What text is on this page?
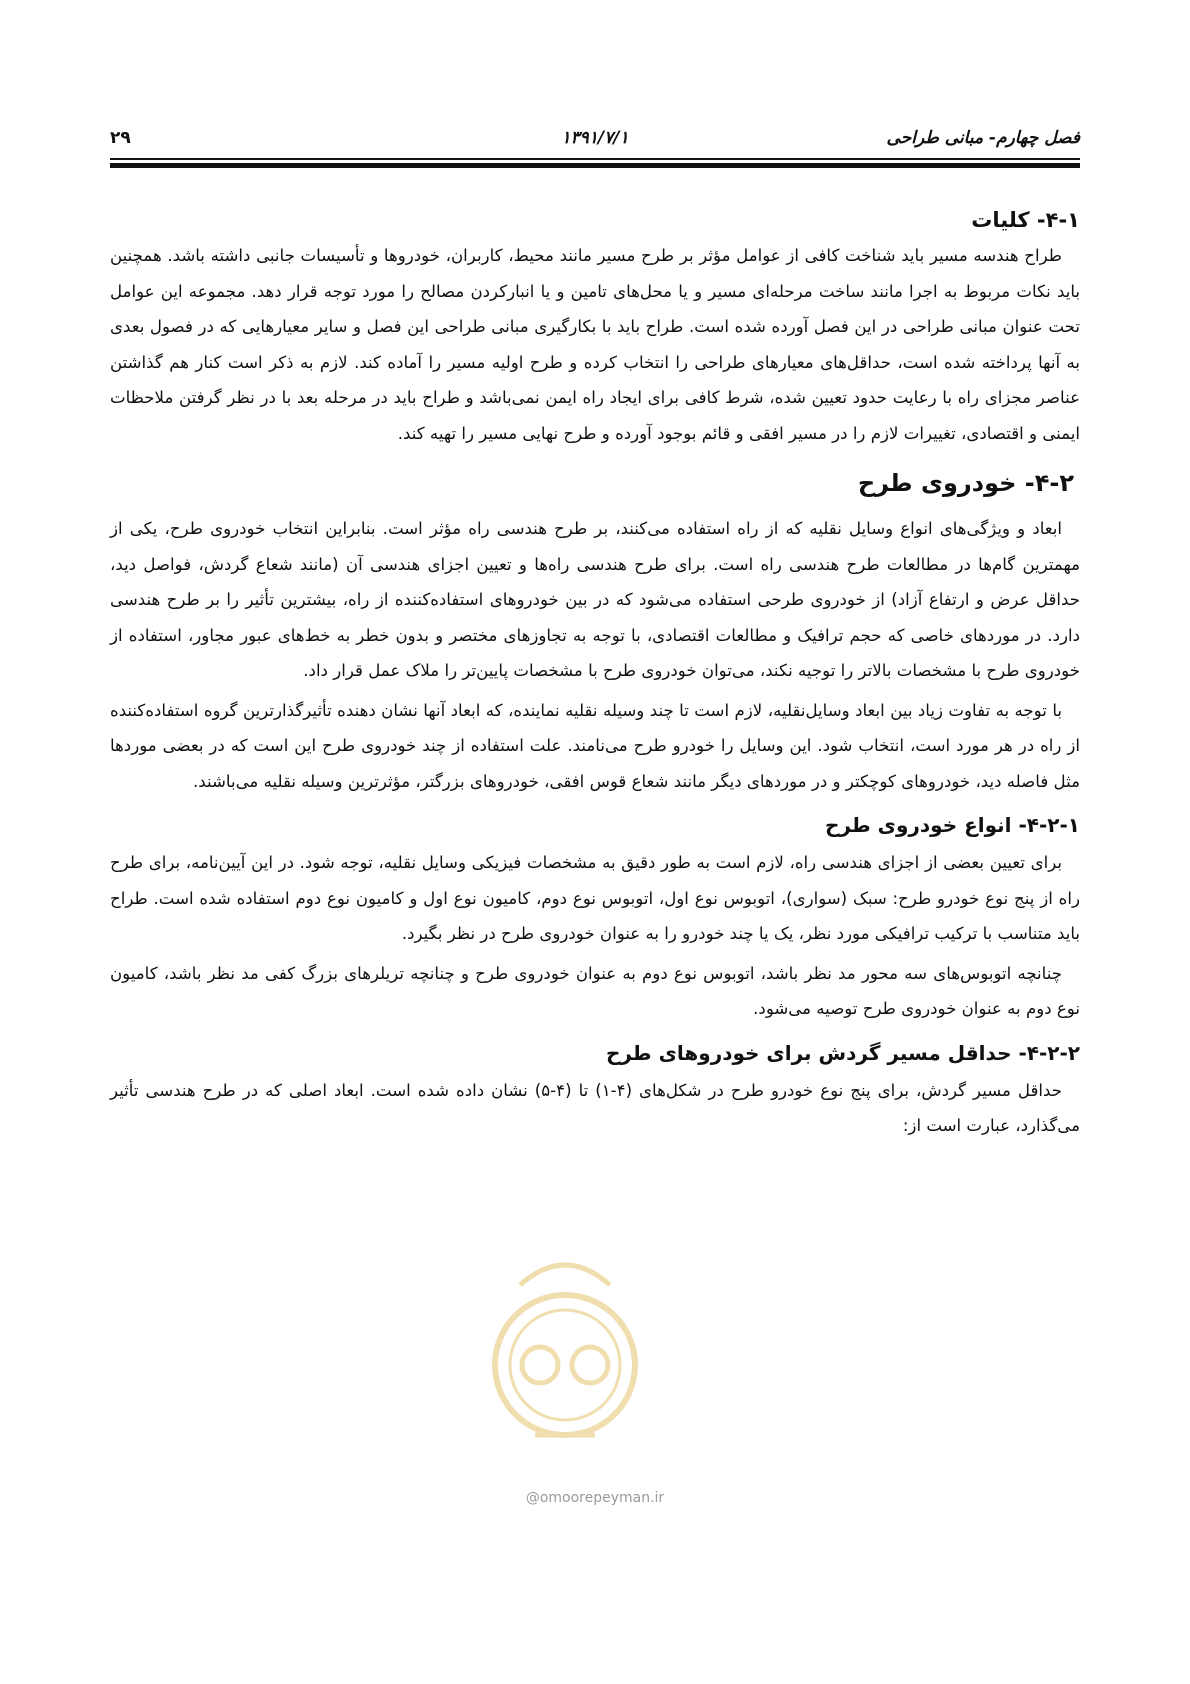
فصل چهارم- مبانی طراحی
۱۳۹۱/۷/۱
۲۹
۴-۱- کلیات

طراح هندسه مسیر باید شناخت کافی از عوامل مؤثر بر طرح مسیر مانند محیط، کاربران، خودروها و تأسیسات جانبی داشته باشد. همچنین باید نکات مربوط به اجرا مانند ساخت مرحله‌ای مسیر و یا محل‌های تامین و یا انبارکردن مصالح را مورد توجه قرار دهد. مجموعه این عوامل تحت عنوان مبانی طراحی در این فصل آورده شده است. طراح باید با بکارگیری مبانی طراحی این فصل و سایر معیارهایی که در فصول بعدی به آنها پرداخته شده است، حداقل‌های معیارهای طراحی را انتخاب کرده و طرح اولیه مسیر را آماده کند. لازم به ذکر است کنار هم گذاشتن عناصر مجزای راه با رعایت حدود تعیین شده، شرط کافی برای ایجاد راه ایمن نمی‌باشد و طراح باید در مرحله بعد با در نظر گرفتن ملاحظات ایمنی و اقتصادی، تغییرات لازم را در مسیر افقی و قائم بوجود آورده و طرح نهایی مسیر را تهیه کند.

۴-۲- خودروی طرح

ابعاد و ویژگی‌های انواع وسایل نقلیه که از راه استفاده می‌کنند، بر طرح هندسی راه مؤثر است. بنابراین انتخاب خودروی طرح، یکی از مهمترین گام‌ها در مطالعات طرح هندسی راه است. برای طرح هندسی راه‌ها و تعیین اجزای هندسی آن (مانند شعاع گردش، فواصل دید، حداقل عرض و ارتفاع آزاد) از خودروی طرحی استفاده می‌شود که در بین خودروهای استفاده‌کننده از راه، بیشترین تأثیر را بر طرح هندسی دارد. در موردهای خاصی که حجم ترافیک و مطالعات اقتصادی، با توجه به تجاوزهای مختصر و بدون خطر به خط‌های عبور مجاور، استفاده از خودروی طرح با مشخصات بالاتر را توجیه نکند، می‌توان خودروی طرح با مشخصات پایین‌تر را ملاک عمل قرار داد.

با توجه به تفاوت زیاد بین ابعاد وسایل‌نقلیه، لازم است تا چند وسیله نقلیه نماینده، که ابعاد آنها نشان دهنده تأثیرگذارترین گروه استفاده‌کننده از راه در هر مورد است، انتخاب شود. این وسایل را خودرو طرح می‌نامند. علت استفاده از چند خودروی طرح این است که در بعضی موردها مثل فاصله دید، خودروهای کوچکتر و در موردهای دیگر مانند شعاع قوس افقی، خودروهای بزرگتر، مؤثرترین وسیله نقلیه می‌باشند.

۴-۲-۱- انواع خودروی طرح

برای تعیین بعضی از اجزای هندسی راه، لازم است به طور دقیق به مشخصات فیزیکی وسایل نقلیه، توجه شود. در این آیین‌نامه، برای طرح راه از پنج نوع خودرو طرح: سبک (سواری)، اتوبوس نوع اول، اتوبوس نوع دوم، کامیون نوع اول و کامیون نوع دوم استفاده شده است. طراح باید متناسب با ترکیب ترافیکی مورد نظر، یک یا چند خودرو را به عنوان خودروی طرح در نظر بگیرد.

چنانچه اتوبوس‌های سه محور مد نظر باشد، اتوبوس نوع دوم به عنوان خودروی طرح و چنانچه تریلرهای بزرگ کفی مد نظر باشد، کامیون نوع دوم به عنوان خودروی طرح توصیه می‌شود.

۴-۲-۲- حداقل مسیر گردش برای خودروهای طرح

حداقل مسیر گردش، برای پنج نوع خودرو طرح در شکل‌های (۴-۱) تا (۴-۵) نشان داده شده است. ابعاد اصلی که در طرح هندسی تأثیر می‌گذارد، عبارت است از:

@omoorepeyman.ir
